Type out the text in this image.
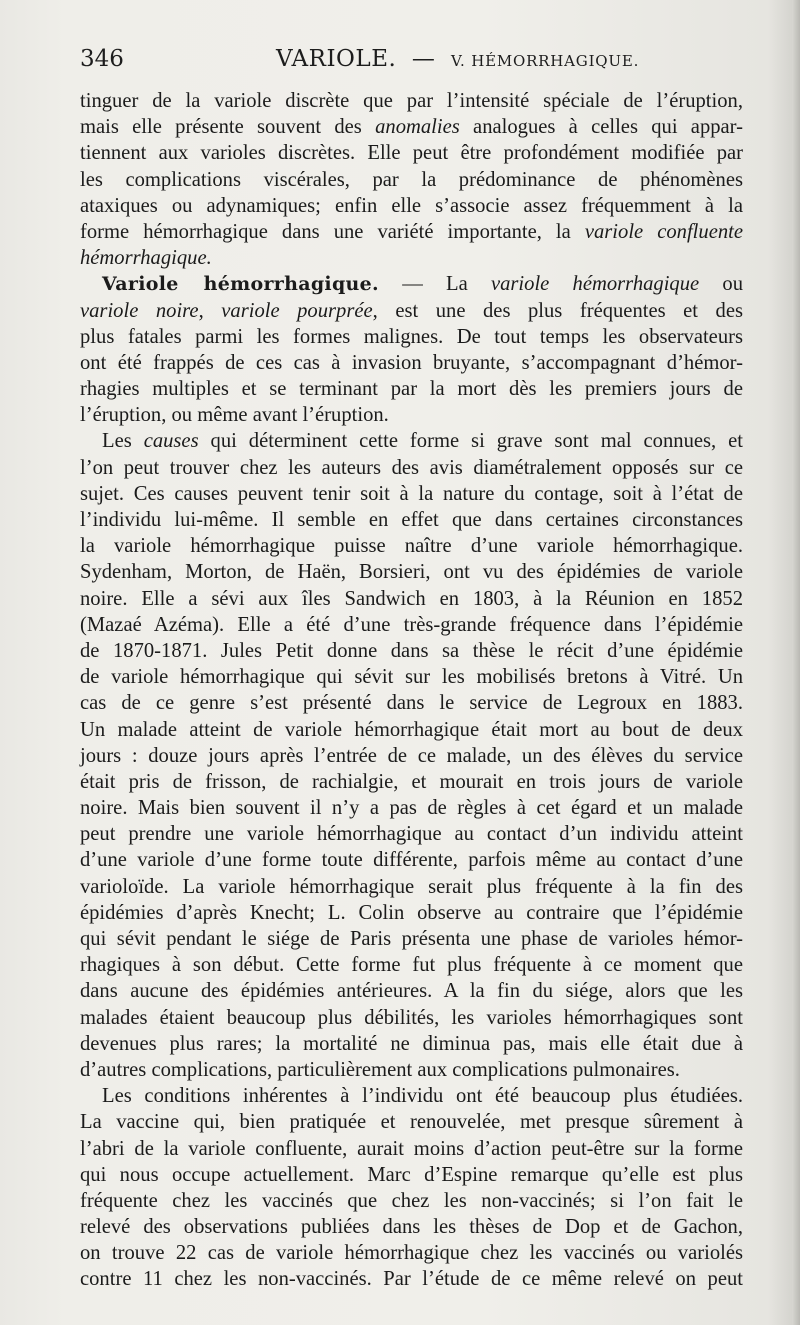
346	VARIOLE. — V. HÉMORRHAGIQUE.
tinguer de la variole discrète que par l’intensité spéciale de l’éruption,
mais elle présente souvent des anomalies analogues à celles qui appar-
tiennent aux varioles discrètes. Elle peut être profondément modifiée par
les complications viscérales, par la prédominance de phénomènes
ataxiques ou adynamiques; enfin elle s’associe assez fréquemment à la
forme hémorrhagique dans une variété importante, la variole confluente
hémorrhagique.
Variole hémorrhagique. — La variole hémorrhagique ou
variole noire, variole pourprée, est une des plus fréquentes et des
plus fatales parmi les formes malignes. De tout temps les observateurs
ont été frappés de ces cas à invasion bruyante, s’accompagnant d’hémor-
rhagies multiples et se terminant par la mort dès les premiers jours de
l’éruption, ou même avant l’éruption.
Les causes qui déterminent cette forme si grave sont mal connues, et
l’on peut trouver chez les auteurs des avis diamétralement opposés sur ce
sujet. Ces causes peuvent tenir soit à la nature du contage, soit à l’état de
l’individu lui-même. Il semble en effet que dans certaines circonstances
la variole hémorrhagique puisse naître d’une variole hémorrhagique.
Sydenham, Morton, de Haën, Borsieri, ont vu des épidémies de variole
noire. Elle a sévi aux îles Sandwich en 1803, à la Réunion en 1852
(Mazaé Azéma). Elle a été d’une très-grande fréquence dans l’épidémie
de 1870-1871. Jules Petit donne dans sa thèse le récit d’une épidémie
de variole hémorrhagique qui sévit sur les mobilisés bretons à Vitré. Un
cas de ce genre s’est présenté dans le service de Legroux en 1883.
Un malade atteint de variole hémorrhagique était mort au bout de deux
jours : douze jours après l’entrée de ce malade, un des élèves du service
était pris de frisson, de rachialgie, et mourait en trois jours de variole
noire. Mais bien souvent il n’y a pas de règles à cet égard et un malade
peut prendre une variole hémorrhagique au contact d’un individu atteint
d’une variole d’une forme toute différente, parfois même au contact d’une
varioloïde. La variole hémorrhagique serait plus fréquente à la fin des
épidémies d’après Knecht; L. Colin observe au contraire que l’épidémie
qui sévit pendant le siége de Paris présenta une phase de varioles hémor-
rhagiques à son début. Cette forme fut plus fréquente à ce moment que
dans aucune des épidémies antérieures. A la fin du siége, alors que les
malades étaient beaucoup plus débilités, les varioles hémorrhagiques sont
devenues plus rares; la mortalité ne diminua pas, mais elle était due à
d’autres complications, particulièrement aux complications pulmonaires.
Les conditions inhérentes à l’individu ont été beaucoup plus étudiées.
La vaccine qui, bien pratiquée et renouvelée, met presque sûrement à
l’abri de la variole confluente, aurait moins d’action peut-être sur la forme
qui nous occupe actuellement. Marc d’Espine remarque qu’elle est plus
fréquente chez les vaccinés que chez les non-vaccinés; si l’on fait le
relevé des observations publiées dans les thèses de Dop et de Gachon,
on trouve 22 cas de variole hémorrhagique chez les vaccinés ou variolés
contre 11 chez les non-vaccinés. Par l’étude de ce même relevé on peut
